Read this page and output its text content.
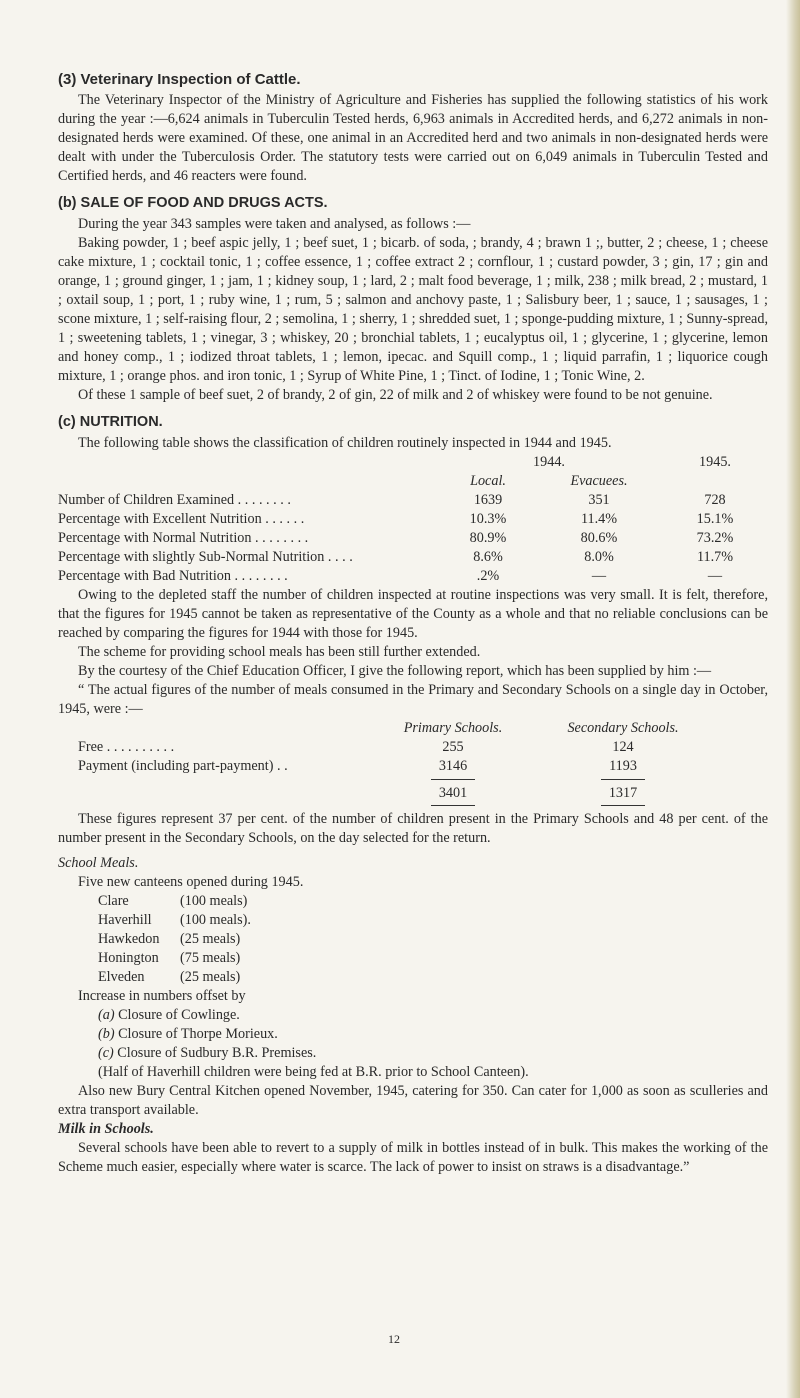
(3) Veterinary Inspection of Cattle.

The Veterinary Inspector of the Ministry of Agriculture and Fisheries has supplied the following statistics of his work during the year :—6,624 animals in Tuberculin Tested herds, 6,963 animals in Accredited herds, and 6,272 animals in non-designated herds were examined. Of these, one animal in an Accredited herd and two animals in non-designated herds were dealt with under the Tuberculosis Order. The statutory tests were carried out on 6,049 animals in Tuberculin Tested and Certified herds, and 46 reacters were found.

(b) SALE OF FOOD AND DRUGS ACTS.

During the year 343 samples were taken and analysed, as follows :—

Baking powder, 1 ; beef aspic jelly, 1 ; beef suet, 1 ; bicarb. of soda, ; brandy, 4 ; brawn 1 ;, butter, 2 ; cheese, 1 ; cheese cake mixture, 1 ; cocktail tonic, 1 ; coffee essence, 1 ; coffee extract 2 ; cornflour, 1 ; custard powder, 3 ; gin, 17 ; gin and orange, 1 ; ground ginger, 1 ; jam, 1 ; kidney soup, 1 ; lard, 2 ; malt food beverage, 1 ; milk, 238 ; milk bread, 2 ; mustard, 1 ; oxtail soup, 1 ; port, 1 ; ruby wine, 1 ; rum, 5 ; salmon and anchovy paste, 1 ; Salisbury beer, 1 ; sauce, 1 ; sausages, 1 ; scone mixture, 1 ; self-raising flour, 2 ; semolina, 1 ; sherry, 1 ; shredded suet, 1 ; sponge-pudding mixture, 1 ; Sunny-spread, 1 ; sweetening tablets, 1 ; vinegar, 3 ; whiskey, 20 ; bronchial tablets, 1 ; eucalyptus oil, 1 ; glycerine, 1 ; glycerine, lemon and honey comp., 1 ; iodized throat tablets, 1 ; lemon, ipecac. and Squill comp., 1 ; liquid parrafin, 1 ; liquorice cough mixture, 1 ; orange phos. and iron tonic, 1 ; Syrup of White Pine, 1 ; Tinct. of Iodine, 1 ; Tonic Wine, 2.

Of these 1 sample of beef suet, 2 of brandy, 2 of gin, 22 of milk and 2 of whiskey were found to be not genuine.

(c) NUTRITION.

The following table shows the classification of children routinely inspected in 1944 and 1945.

	1944.		1945.
	Local.	Evacuees.	
Number of Children Examined . . . . . . . .	1639	351	728
Percentage with Excellent Nutrition . . . . . .	10.3%	11.4%	15.1%
Percentage with Normal Nutrition . . . . . . . .	80.9%	80.6%	73.2%
Percentage with slightly Sub-Normal Nutrition . . . .	8.6%	8.0%	11.7%
Percentage with Bad Nutrition . . . . . . . .	.2%	—	—

Owing to the depleted staff the number of children inspected at routine inspections was very small. It is felt, therefore, that the figures for 1945 cannot be taken as representative of the County as a whole and that no reliable conclusions can be reached by comparing the figures for 1944 with those for 1945.

The scheme for providing school meals has been still further extended.

By the courtesy of the Chief Education Officer, I give the following report, which has been supplied by him :—

“ The actual figures of the number of meals consumed in the Primary and Secondary Schools on a single day in October, 1945, were :—

	Primary Schools.	Secondary Schools.
Free . . . . . . . . . .	255	124
Payment (including part-payment) . .	3146	1193
	3401	1317

These figures represent 37 per cent. of the number of children present in the Primary Schools and 48 per cent. of the number present in the Secondary Schools, on the day selected for the return.

School Meals.

Five new canteens opened during 1945.

Clare	(100 meals)
Haverhill	(100 meals).
Hawkedon	(25 meals)
Honington	(75 meals)
Elveden	(25 meals)

Increase in numbers offset by

(a) Closure of Cowlinge.
(b) Closure of Thorpe Morieux.
(c) Closure of Sudbury B.R. Premises.

(Half of Haverhill children were being fed at B.R. prior to School Canteen).

Also new Bury Central Kitchen opened November, 1945, catering for 350. Can cater for 1,000 as soon as sculleries and extra transport available.

Milk in Schools.

Several schools have been able to revert to a supply of milk in bottles instead of in bulk. This makes the working of the Scheme much easier, especially where water is scarce. The lack of power to insist on straws is a disadvantage.”

12
